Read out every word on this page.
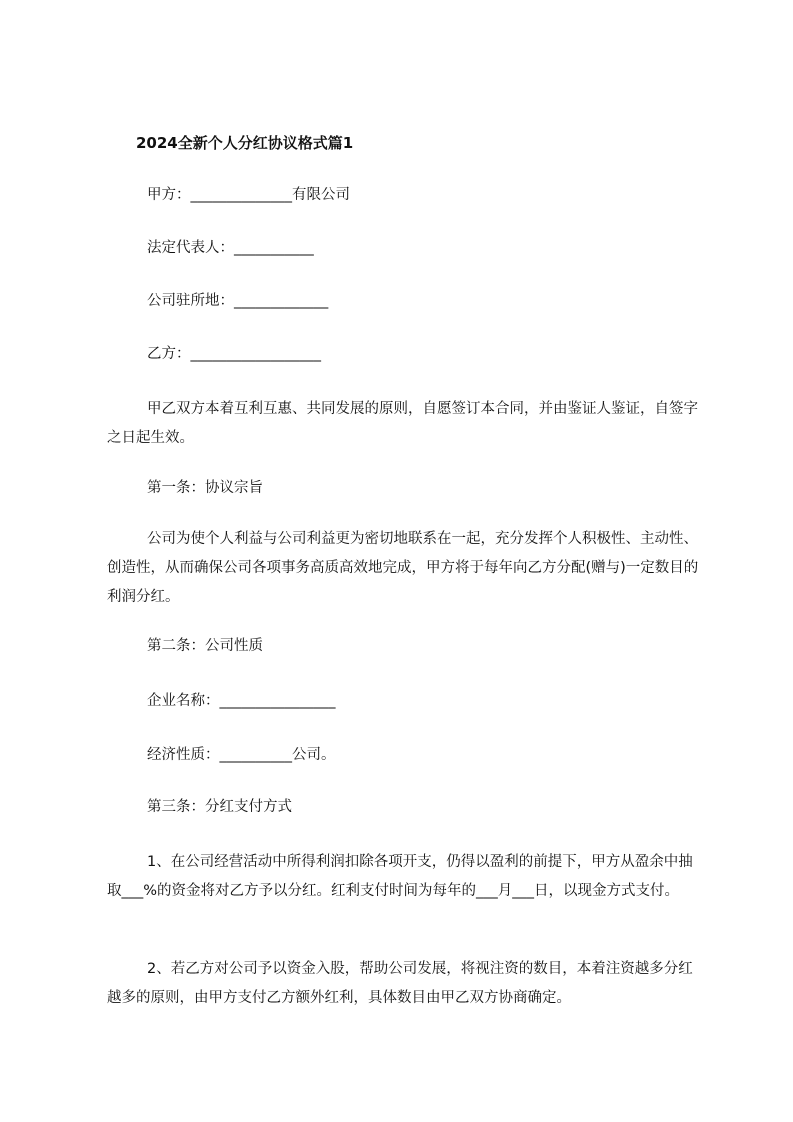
2024全新个人分红协议格式篇1
甲方：______________有限公司
法定代表人：___________
公司驻所地：_____________
乙方：__________________
甲乙双方本着互利互惠、共同发展的原则，自愿签订本合同，并由鉴证人鉴证，自签字之日起生效。
第一条：协议宗旨
公司为使个人利益与公司利益更为密切地联系在一起，充分发挥个人积极性、主动性、创造性，从而确保公司各项事务高质高效地完成，甲方将于每年向乙方分配(赠与)一定数目的利润分红。
第二条：公司性质
企业名称：________________
经济性质：__________公司。
第三条：分红支付方式
1、在公司经营活动中所得利润扣除各项开支，仍得以盈利的前提下，甲方从盈余中抽取___%的资金将对乙方予以分红。红利支付时间为每年的___月___日，以现金方式支付。
2、若乙方对公司予以资金入股，帮助公司发展，将视注资的数目，本着注资越多分红越多的原则，由甲方支付乙方额外红利，具体数目由甲乙双方协商确定。
